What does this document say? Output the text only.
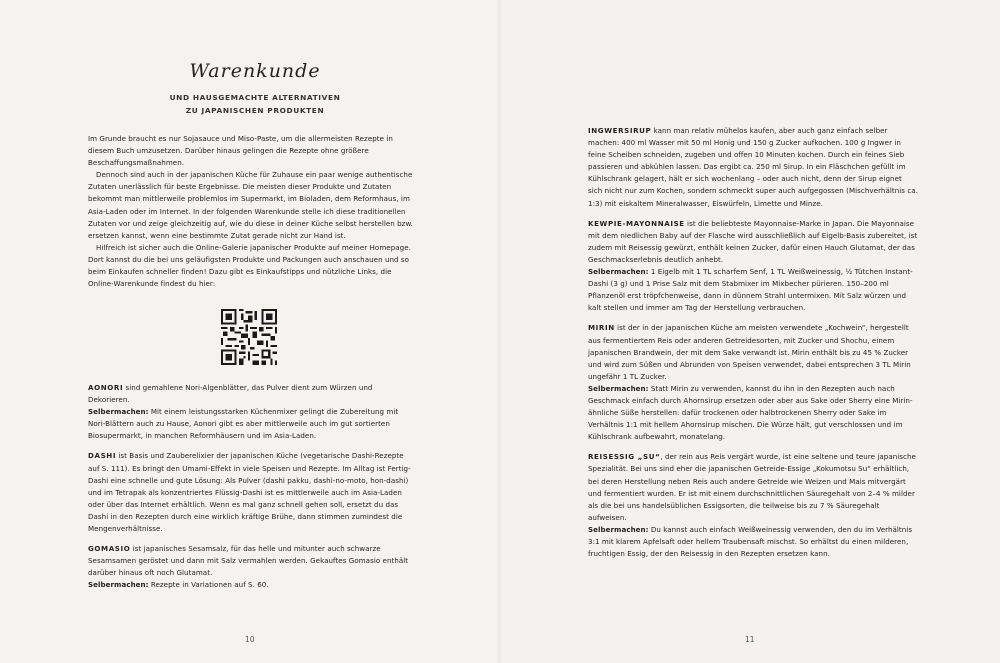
Warenkunde
UND HAUSGEMACHTE ALTERNATIVEN
ZU JAPANISCHEN PRODUKTEN

Im Grunde braucht es nur Sojasauce und Miso-Paste, um die allermeisten Rezepte in diesem Buch umzusetzen. Darüber hinaus gelingen die Rezepte ohne größere Beschaffungsmaßnahmen.

Dennoch sind auch in der japanischen Küche für Zuhause ein paar wenige authentische Zutaten unerlässlich für beste Ergebnisse. Die meisten dieser Produkte und Zutaten bekommt man mittlerweile problemlos im Supermarkt, im Bioladen, dem Reformhaus, im Asia-Laden oder im Internet. In der folgenden Warenkunde stelle ich diese traditionellen Zutaten vor und zeige gleichzeitig auf, wie du diese in deiner Küche selbst herstellen bzw. ersetzen kannst, wenn eine bestimmte Zutat gerade nicht zur Hand ist.

Hilfreich ist sicher auch die Online-Galerie japanischer Produkte auf meiner Homepage. Dort kannst du die bei uns geläufigsten Produkte und Packungen auch anschauen und so beim Einkaufen schneller finden! Dazu gibt es Einkaufstipps und nützliche Links, die Online-Warenkunde findest du hier:

AONORI sind gemahlene Nori-Algenblätter, das Pulver dient zum Würzen und Dekorieren.

Selbermachen: Mit einem leistungsstarken Küchenmixer gelingt die Zubereitung mit Nori-Blättern auch zu Hause, Aonori gibt es aber mittlerweile auch im gut sortierten Biosupermarkt, in manchen Reformhäusern und im Asia-Laden.

DASHI ist Basis und Zauberelixier der japanischen Küche (vegetarische Dashi-Rezepte auf S. 111). Es bringt den Umami-Effekt in viele Speisen und Rezepte. Im Alltag ist Fertig-Dashi eine schnelle und gute Lösung: Als Pulver (dashi pakku, dashi-no-moto, hon-dashi) und im Tetrapak als konzentriertes Flüssig-Dashi ist es mittlerweile auch im Asia-Laden oder über das Internet erhältlich. Wenn es mal ganz schnell gehen soll, ersetzt du das Dashi in den Rezepten durch eine wirklich kräftige Brühe, dann stimmen zumindest die Mengenverhältnisse.

GOMASIO ist japanisches Sesamsalz, für das helle und mitunter auch schwarze Sesamsamen geröstet und dann mit Salz vermahlen werden. Gekauftes Gomasio enthält darüber hinaus oft noch Glutamat.

Selbermachen: Rezepte in Variationen auf S. 60.

10	11

INGWERSIRUP kann man relativ mühelos kaufen, aber auch ganz einfach selber machen: 400 ml Wasser mit 50 ml Honig und 150 g Zucker aufkochen. 100 g Ingwer in feine Scheiben schneiden, zugeben und offen 10 Minuten kochen. Durch ein feines Sieb passieren und abkühlen lassen. Das ergibt ca. 250 ml Sirup. In ein Fläschchen gefüllt im Kühlschrank gelagert, hält er sich wochenlang – oder auch nicht, denn der Sirup eignet sich nicht nur zum Kochen, sondern schmeckt super auch aufgegossen (Mischverhältnis ca. 1:3) mit eiskaltem Mineralwasser, Eiswürfeln, Limette und Minze.

KEWPIE-MAYONNAISE ist die beliebteste Mayonnaise-Marke in Japan. Die Mayonnaise mit dem niedlichen Baby auf der Flasche wird ausschließlich auf Eigelb-Basis zubereitet, ist zudem mit Reisessig gewürzt, enthält keinen Zucker, dafür einen Hauch Glutamat, der das Geschmackserlebnis deutlich anhebt.

Selbermachen: 1 Eigelb mit 1 TL scharfem Senf, 1 TL Weißweinessig, ½ Tütchen Instant-Dashi (3 g) und 1 Prise Salz mit dem Stabmixer im Mixbecher pürieren. 150–200 ml Pflanzenöl erst tröpfchenweise, dann in dünnem Strahl untermixen. Mit Salz würzen und kalt stellen und immer am Tag der Herstellung verbrauchen.

MIRIN ist der in der japanischen Küche am meisten verwendete „Kochwein“, hergestellt aus fermentiertem Reis oder anderen Getreidesorten, mit Zucker und Shochu, einem japanischen Brandwein, der mit dem Sake verwandt ist. Mirin enthält bis zu 45 % Zucker und wird zum Süßen und Abrunden von Speisen verwendet, dabei entsprechen 3 TL Mirin ungefähr 1 TL Zucker.

Selbermachen: Statt Mirin zu verwenden, kannst du ihn in den Rezepten auch nach Geschmack einfach durch Ahornsirup ersetzen oder aber aus Sake oder Sherry eine Mirin-ähnliche Süße herstellen: dafür trockenen oder halbtrockenen Sherry oder Sake im Verhältnis 1:1 mit hellem Ahornsirup mischen. Die Würze hält, gut verschlossen und im Kühlschrank aufbewahrt, monatelang.

REISESSIG „SU“, der rein aus Reis vergärt wurde, ist eine seltene und teure japanische Spezialität. Bei uns sind eher die japanischen Getreide-Essige „Kokumotsu Su“ erhältlich, bei deren Herstellung neben Reis auch andere Getreide wie Weizen und Mais mitvergärt und fermentiert wurden. Er ist mit einem durchschnittlichen Säuregehalt von 2–4 % milder als die bei uns handelsüblichen Essigsorten, die teilweise bis zu 7 % Säuregehalt aufweisen.

Selbermachen: Du kannst auch einfach Weißweinessig verwenden, den du im Verhältnis 3:1 mit klarem Apfelsaft oder hellem Traubensaft mischst. So erhältst du einen milderen, fruchtigen Essig, der den Reisessig in den Rezepten ersetzen kann.
